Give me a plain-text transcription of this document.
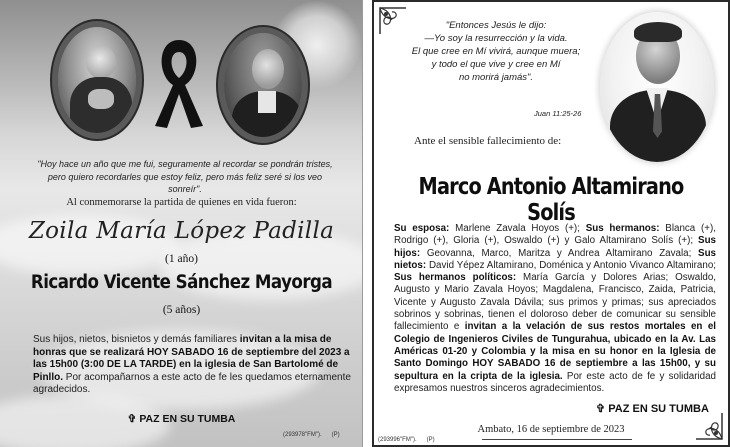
"Hoy hace un año que me fui, seguramente al recordar se pondrán tristes, pero quiero recordarles que estoy feliz, pero más feliz seré si los veo sonreír".
Al conmemorarse la partida de quienes en vida fueron:
Zoila María López Padilla
(1 año)
Ricardo Vicente Sánchez Mayorga
(5 años)
Sus hijos, nietos, bisnietos y demás familiares invitan a la misa de honras que se realizará HOY SABADO 16 de septiembre del 2023 a las 15h00 (3:00 DE LA TARDE) en la iglesia de San Bartolomé de Pinllo. Por acompañarnos a este acto de fe les quedamos eternamente agradecidos.
✞ PAZ EN SU TUMBA
(293978"FM"). (P)
"Entonces Jesús le dijo:
—Yo soy la resurrección y la vida.
El que cree en Mí vivirá, aunque muera;
y todo el que vive y cree en Mí
no morirá jamás".
Juan 11:25-26
Ante el sensible fallecimiento de:
Marco Antonio Altamirano Solís
Su esposa: Marlene Zavala Hoyos (+); Sus hermanos: Blanca (+), Rodrigo (+), Gloria (+), Oswaldo (+) y Galo Altamirano Solís (+); Sus hijos: Geovanna, Marco, Maritza y Andrea Altamirano Zavala; Sus nietos: David Yépez Altamirano, Doménica y Antonio Vivanco Altamirano; Sus hermanos políticos: María García y Dolores Arias; Oswaldo, Augusto y Mario Zavala Hoyos; Magdalena, Francisco, Zaida, Patricia, Vicente y Augusto Zavala Dávila; sus primos y primas; sus apreciados sobrinos y sobrinas, tienen el doloroso deber de comunicar su sensible fallecimiento e invitan a la velación de sus restos mortales en el Colegio de Ingenieros Civiles de Tungurahua, ubicado en la Av. Las Américas 01-20 y Colombia y la misa en su honor en la Iglesia de Santo Domingo HOY SABADO 16 de septiembre a las 15h00, y su sepultura en la cripta de la iglesia. Por este acto de fe y solidaridad expresamos nuestros sinceros agradecimientos.
✞ PAZ EN SU TUMBA
Ambato, 16 de septiembre de 2023
(293996"FM"). (P)
